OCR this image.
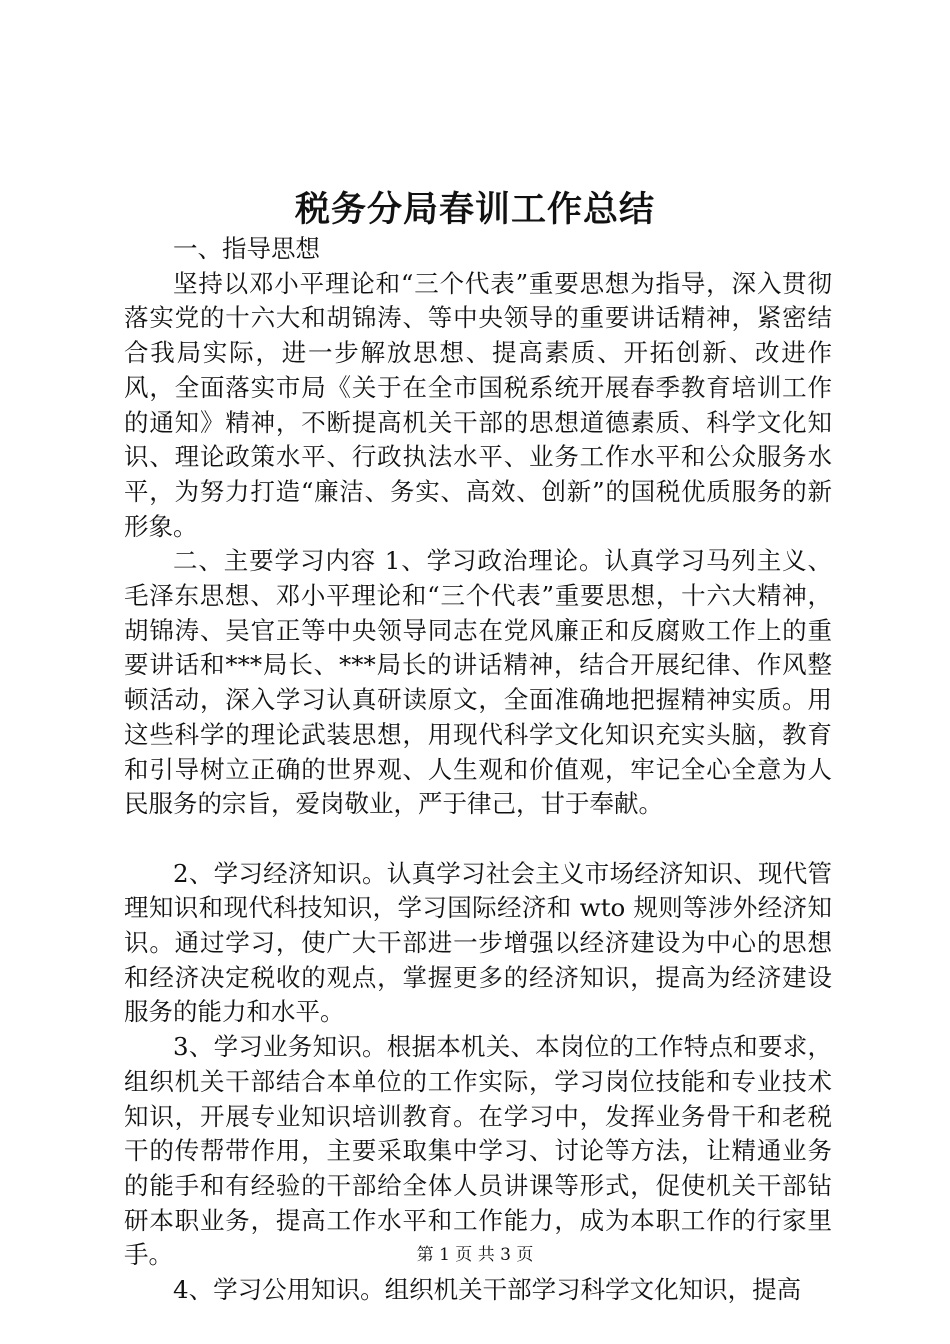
税务分局春训工作总结

一、指导思想

坚持以邓小平理论和“三个代表”重要思想为指导，深入贯彻落实党的十六大和胡锦涛、等中央领导的重要讲话精神，紧密结合我局实际，进一步解放思想、提高素质、开拓创新、改进作风，全面落实市局《关于在全市国税系统开展春季教育培训工作的通知》精神，不断提高机关干部的思想道德素质、科学文化知识、理论政策水平、行政执法水平、业务工作水平和公众服务水平，为努力打造“廉洁、务实、高效、创新”的国税优质服务的新形象。

二、主要学习内容 1、学习政治理论。认真学习马列主义、毛泽东思想、邓小平理论和“三个代表”重要思想，十六大精神，胡锦涛、吴官正等中央领导同志在党风廉正和反腐败工作上的重要讲话和***局长、***局长的讲话精神，结合开展纪律、作风整顿活动，深入学习认真研读原文，全面准确地把握精神实质。用这些科学的理论武装思想，用现代科学文化知识充实头脑，教育和引导树立正确的世界观、人生观和价值观，牢记全心全意为人民服务的宗旨，爱岗敬业，严于律己，甘于奉献。

2、学习经济知识。认真学习社会主义市场经济知识、现代管理知识和现代科技知识，学习国际经济和 wto 规则等涉外经济知识。通过学习，使广大干部进一步增强以经济建设为中心的思想和经济决定税收的观点，掌握更多的经济知识，提高为经济建设服务的能力和水平。

3、学习业务知识。根据本机关、本岗位的工作特点和要求，组织机关干部结合本单位的工作实际，学习岗位技能和专业技术知识，开展专业知识培训教育。在学习中，发挥业务骨干和老税干的传帮带作用，主要采取集中学习、讨论等方法，让精通业务的能手和有经验的干部给全体人员讲课等形式，促使机关干部钻研本职业务，提高工作水平和工作能力，成为本职工作的行家里手。

4、学习公用知识。组织机关干部学习科学文化知识，提高

第 1 页 共 3 页
